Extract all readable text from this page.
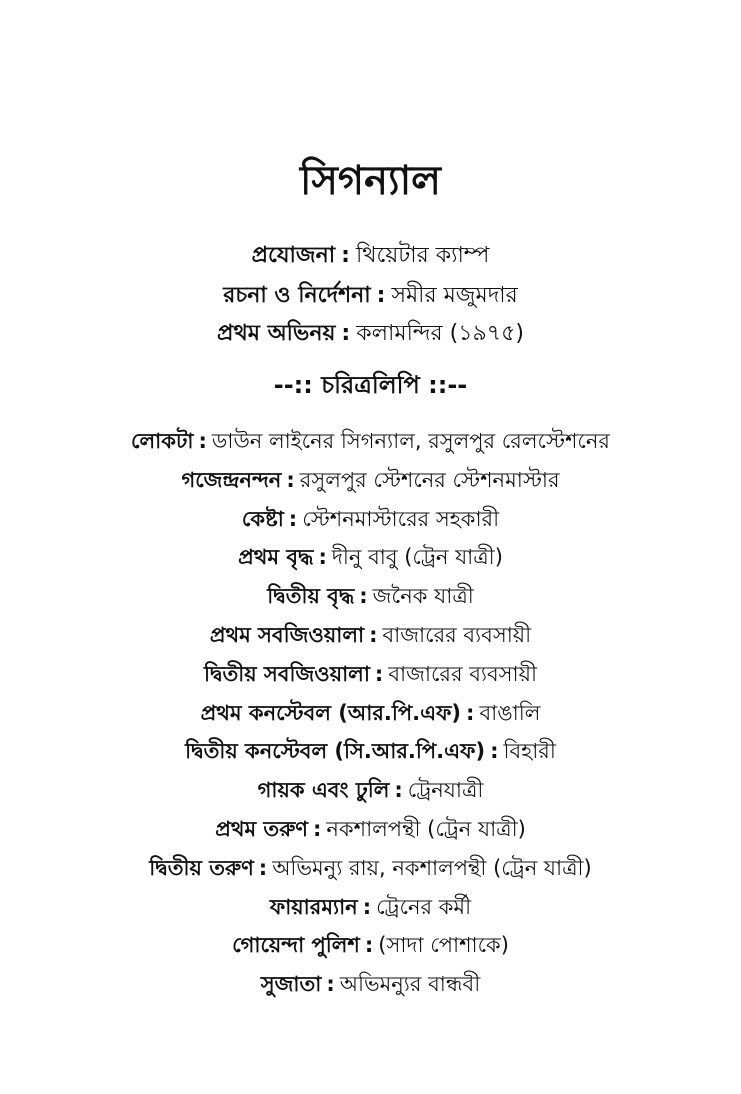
সিগন্যাল
প্রযোজনা : থিয়েটার ক্যাম্প
রচনা ও নির্দেশনা : সমীর মজুমদার
প্রথম অভিনয় : কলামন্দির (১৯৭৫)
--:: চরিত্রলিপি ::--
লোকটা : ডাউন লাইনের সিগন্যাল, রসুলপুর রেলস্টেশনের
গজেন্দ্রনন্দন : রসুলপুর স্টেশনের স্টেশনমাস্টার
কেষ্টা : স্টেশনমাস্টারের সহকারী
প্রথম বৃদ্ধ : দীনু বাবু (ট্রেন যাত্রী)
দ্বিতীয় বৃদ্ধ : জনৈক যাত্রী
প্রথম সবজিওয়ালা : বাজারের ব্যবসায়ী
দ্বিতীয় সবজিওয়ালা : বাজারের ব্যবসায়ী
প্রথম কনস্টেবল (আর.পি.এফ) : বাঙালি
দ্বিতীয় কনস্টেবল (সি.আর.পি.এফ) : বিহারী
গায়ক এবং ঢুলি : ট্রেনযাত্রী
প্রথম তরুণ : নকশালপন্থী (ট্রেন যাত্রী)
দ্বিতীয় তরুণ : অভিমন্যু রায়, নকশালপন্থী (ট্রেন যাত্রী)
ফায়ারম্যান : ট্রেনের কর্মী
গোয়েন্দা পুলিশ : (সাদা পোশাকে)
সুজাতা : অভিমন্যুর বান্ধবী
